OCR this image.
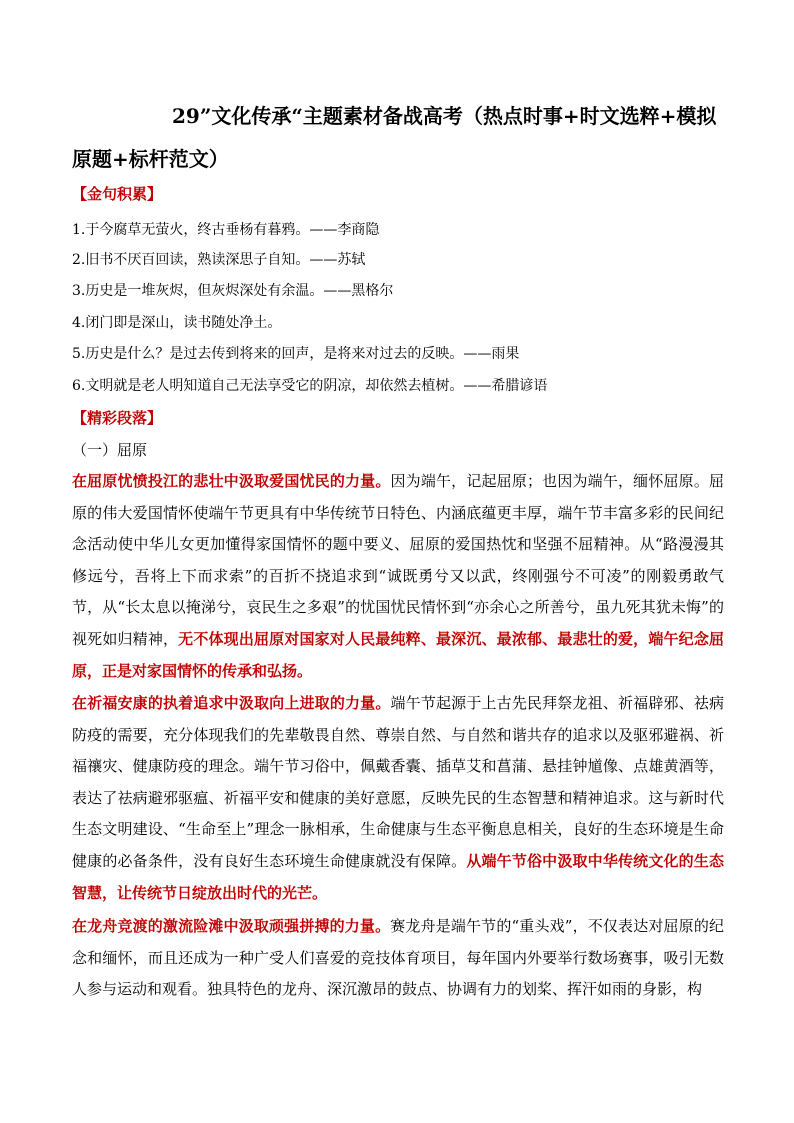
29”文化传承“主题素材备战高考（热点时事+时文选粹+模拟
原题+标杆范文）
【金句积累】
1.于今腐草无萤火，终古垂杨有暮鸦。——李商隐
2.旧书不厌百回读，熟读深思子自知。——苏轼
3.历史是一堆灰烬，但灰烬深处有余温。——黑格尔
4.闭门即是深山，读书随处净土。
5.历史是什么？是过去传到将来的回声，是将来对过去的反映。——雨果
6.文明就是老人明知道自己无法享受它的阴凉，却依然去植树。——希腊谚语
【精彩段落】
（一）屈原
在屈原忧愤投江的悲壮中汲取爱国忧民的力量。因为端午，记起屈原；也因为端午，缅怀屈原。屈原的伟大爱国情怀使端午节更具有中华传统节日特色、内涵底蕴更丰厚，端午节丰富多彩的民间纪念活动使中华儿女更加懂得家国情怀的题中要义、屈原的爱国热忱和坚强不屈精神。从“路漫漫其修远兮，吾将上下而求索”的百折不挠追求到“诚既勇兮又以武，终刚强兮不可凌”的刚毅勇敢气节，从“长太息以掩涕兮，哀民生之多艰”的忧国忧民情怀到“亦余心之所善兮，虽九死其犹未悔”的视死如归精神，无不体现出屈原对国家对人民最纯粹、最深沉、最浓郁、最悲壮的爱，端午纪念屈原，正是对家国情怀的传承和弘扬。
在祈福安康的执着追求中汲取向上进取的力量。端午节起源于上古先民拜祭龙祖、祈福辟邪、祛病防疫的需要，充分体现我们的先辈敬畏自然、尊崇自然、与自然和谐共存的追求以及驱邪避祸、祈福禳灾、健康防疫的理念。端午节习俗中，佩戴香囊、插草艾和菖蒲、悬挂钟馗像、点雄黄酒等，表达了祛病避邪驱瘟、祈福平安和健康的美好意愿，反映先民的生态智慧和精神追求。这与新时代生态文明建设、“生命至上”理念一脉相承，生命健康与生态平衡息息相关，良好的生态环境是生命健康的必备条件，没有良好生态环境生命健康就没有保障。从端午节俗中汲取中华传统文化的生态智慧，让传统节日绽放出时代的光芒。
在龙舟竞渡的激流险滩中汲取顽强拼搏的力量。赛龙舟是端午节的“重头戏”，不仅表达对屈原的纪念和缅怀，而且还成为一种广受人们喜爱的竞技体育项目，每年国内外要举行数场赛事，吸引无数人参与运动和观看。独具特色的龙舟、深沉激昂的鼓点、协调有力的划桨、挥汗如雨的身影，构
